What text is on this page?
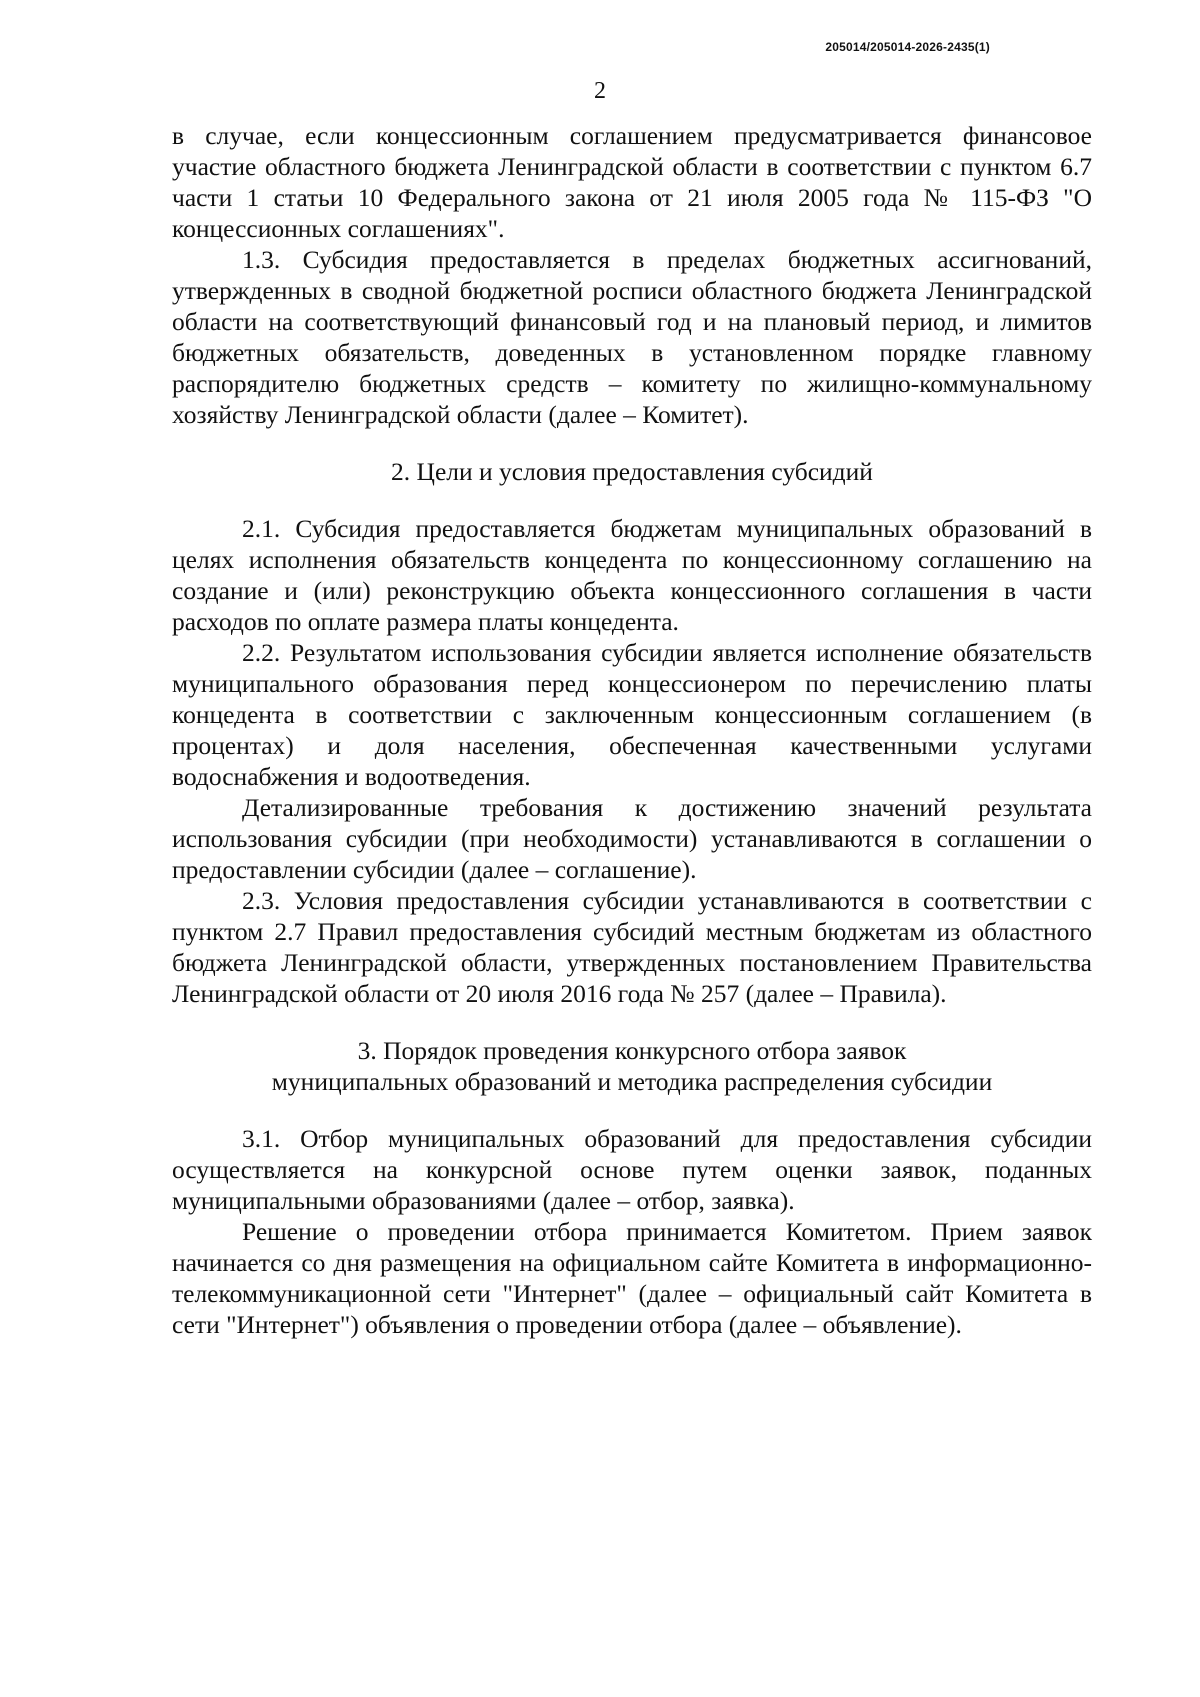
205014/205014-2026-2435(1)
2

в случае, если концессионным соглашением предусматривается финансовое участие областного бюджета Ленинградской области в соответствии с пунктом 6.7 части 1 статьи 10 Федерального закона от 21 июля 2005 года № 115-ФЗ "О концессионных соглашениях".

1.3. Субсидия предоставляется в пределах бюджетных ассигнований, утвержденных в сводной бюджетной росписи областного бюджета Ленинградской области на соответствующий финансовый год и на плановый период, и лимитов бюджетных обязательств, доведенных в установленном порядке главному распорядителю бюджетных средств – комитету по жилищно-коммунальному хозяйству Ленинградской области (далее – Комитет).

2. Цели и условия предоставления субсидий

2.1. Субсидия предоставляется бюджетам муниципальных образований в целях исполнения обязательств концедента по концессионному соглашению на создание и (или) реконструкцию объекта концессионного соглашения в части расходов по оплате размера платы концедента.

2.2. Результатом использования субсидии является исполнение обязательств муниципального образования перед концессионером по перечислению платы концедента в соответствии с заключенным концессионным соглашением (в процентах) и доля населения, обеспеченная качественными услугами водоснабжения и водоотведения.

Детализированные требования к достижению значений результата использования субсидии (при необходимости) устанавливаются в соглашении о предоставлении субсидии (далее – соглашение).

2.3. Условия предоставления субсидии устанавливаются в соответствии с пунктом 2.7 Правил предоставления субсидий местным бюджетам из областного бюджета Ленинградской области, утвержденных постановлением Правительства Ленинградской области от 20 июля 2016 года № 257 (далее – Правила).

3. Порядок проведения конкурсного отбора заявок

муниципальных образований и методика распределения субсидии

3.1. Отбор муниципальных образований для предоставления субсидии осуществляется на конкурсной основе путем оценки заявок, поданных муниципальными образованиями (далее – отбор, заявка).

Решение о проведении отбора принимается Комитетом. Прием заявок начинается со дня размещения на официальном сайте Комитета в информационно-телекоммуникационной сети "Интернет" (далее – официальный сайт Комитета в сети "Интернет") объявления о проведении отбора (далее – объявление).
